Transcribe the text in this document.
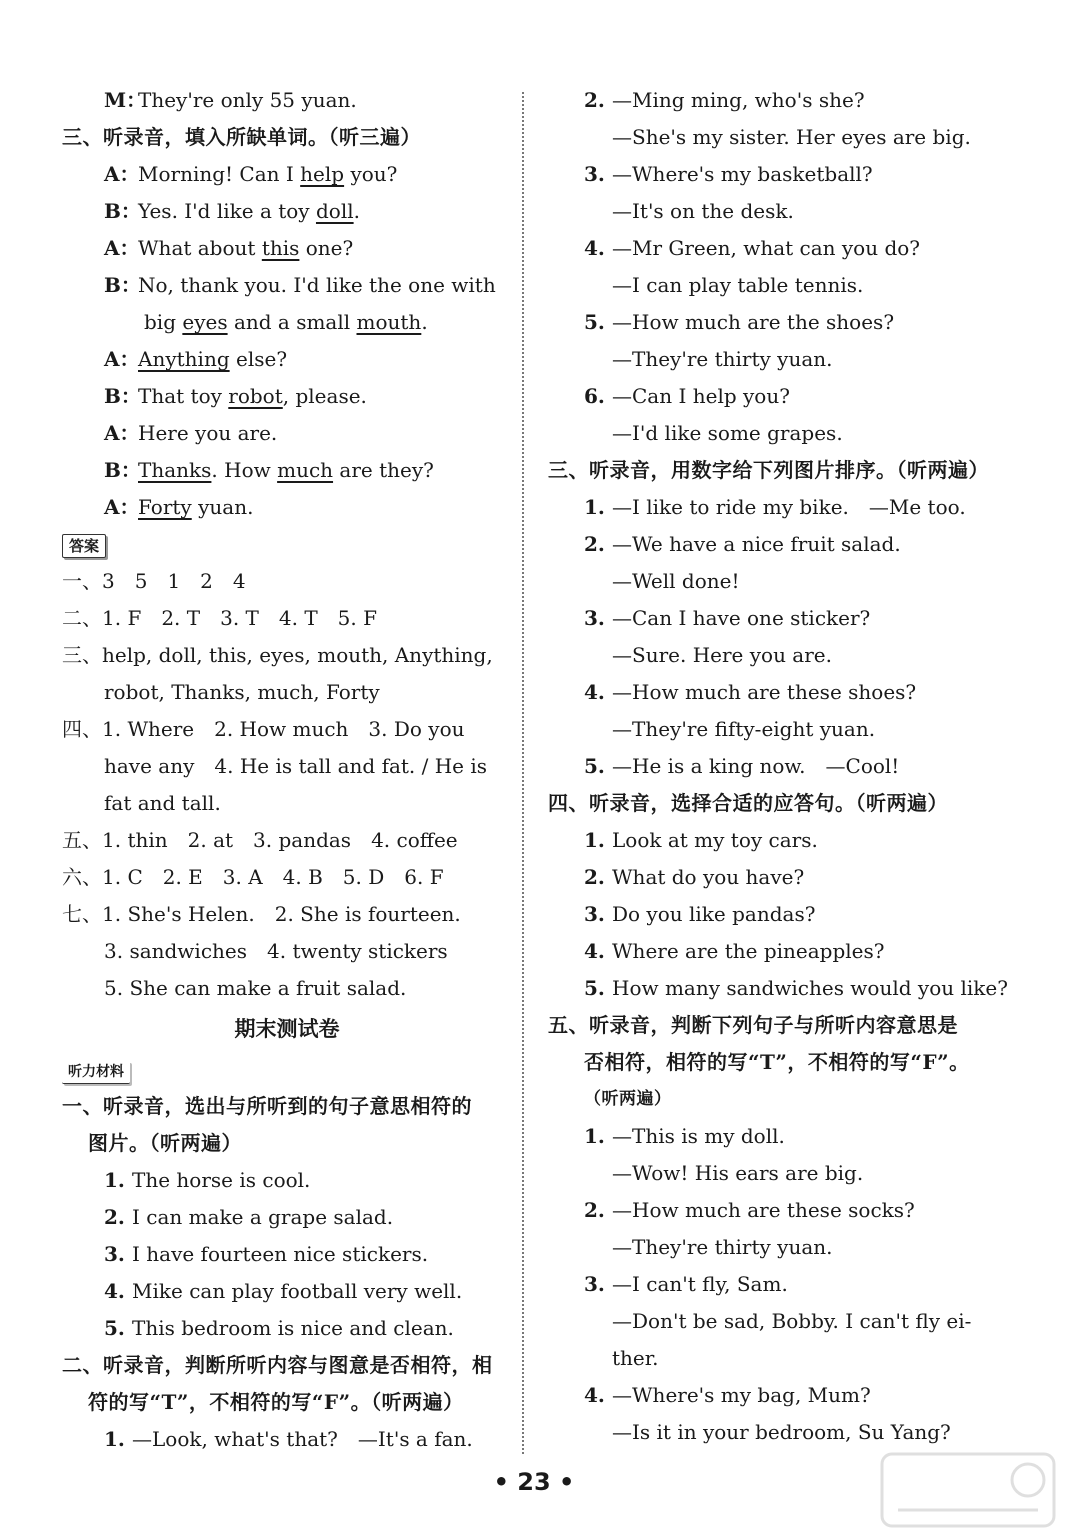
M：They're only 55 yuan.
三、听录音，填入所缺单词。（听三遍）
A：Morning! Can I help you?
B：Yes. I'd like a toy doll.
A：What about this one?
B：No, thank you. I'd like the one with
big eyes and a small mouth.
A：Anything else?
B：That toy robot, please.
A：Here you are.
B：Thanks. How much are they?
A：Forty yuan.
答案
一、3　5　1　2　4
二、1. F　2. T　3. T　4. T　5. F
三、help, doll, this, eyes, mouth, Anything,
robot, Thanks, much, Forty
四、1. Where　2. How much　3. Do you
have any　4. He is tall and fat. / He is
fat and tall.
五、1. thin　2. at　3. pandas　4. coffee
六、1. C　2. E　3. A　4. B　5. D　6. F
七、1. She's Helen.　2. She is fourteen.
3. sandwiches　4. twenty stickers
5. She can make a fruit salad.
期末测试卷
听力材料
一、听录音，选出与所听到的句子意思相符的
图片。（听两遍）
1. The horse is cool.
2. I can make a grape salad.
3. I have fourteen nice stickers.
4. Mike can play football very well.
5. This bedroom is nice and clean.
二、听录音，判断所听内容与图意是否相符，相
符的写“T”，不相符的写“F”。（听两遍）
1. —Look, what's that?　—It's a fan.
2. —Ming ming, who's she?
—She's my sister. Her eyes are big.
3. —Where's my basketball?
—It's on the desk.
4. —Mr Green, what can you do?
—I can play table tennis.
5. —How much are the shoes?
—They're thirty yuan.
6. —Can I help you?
—I'd like some grapes.
三、听录音，用数字给下列图片排序。（听两遍）
1. —I like to ride my bike.　—Me too.
2. —We have a nice fruit salad.
—Well done!
3. —Can I have one sticker?
—Sure. Here you are.
4. —How much are these shoes?
—They're fifty-eight yuan.
5. —He is a king now.　—Cool!
四、听录音，选择合适的应答句。（听两遍）
1. Look at my toy cars.
2. What do you have?
3. Do you like pandas?
4. Where are the pineapples?
5. How many sandwiches would you like?
五、听录音，判断下列句子与所听内容意思是
否相符，相符的写“T”，不相符的写“F”。
（听两遍）
1. —This is my doll.
—Wow! His ears are big.
2. —How much are these socks?
—They're thirty yuan.
3. —I can't fly, Sam.
—Don't be sad, Bobby. I can't fly ei-
ther.
4. —Where's my bag, Mum?
—Is it in your bedroom, Su Yang?
• 23 •
